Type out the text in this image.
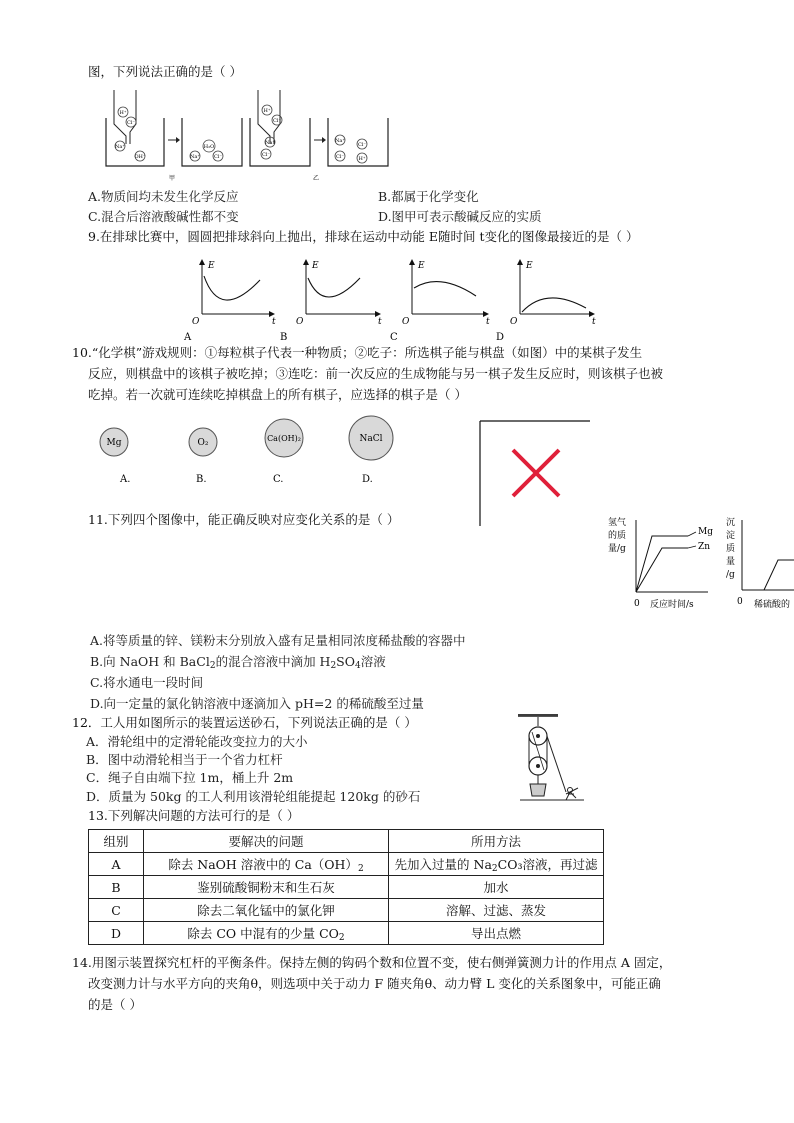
图，下列说法正确的是（ ）
H⁺
Cl⁻
Na⁺
OH⁻
H₂O
Na⁺	Cl⁻
甲
H⁺
Cl⁻
Na⁺
Cl⁻
Na⁺
Cl⁻
Cl⁻	H⁺
乙
A.物质间均未发生化学反应	B.都属于化学变化
C.混合后溶液酸碱性都不变	D.图甲可表示酸碱反应的实质
9.在排球比赛中，圆圆把排球斜向上抛出，排球在运动中动能 E随时间 t变化的图像最接近的是（ ）
E	E	E	E
O	O	O	O
t	t	t	t
A	B	C	D
10.“化学棋”游戏规则：①每粒棋子代表一种物质；②吃子：所选棋子能与棋盘（如图）中的某棋子发生
反应，则棋盘中的该棋子被吃掉；③连吃：前一次反应的生成物能与另一棋子发生反应时，则该棋子也被
吃掉。若一次就可连续吃掉棋盘上的所有棋子，应选择的棋子是（ ）
Mg	O₂	Ca(OH)₂	NaCl
A.	B.	C.	D.
11.下列四个图像中，能正确反映对应变化关系的是（ ）	氢气
的质
量/g
Mg
Zn
0 反应时间/s
沉
淀
质
量
/g
0 稀硫酸的
A.将等质量的锌、镁粉末分别放入盛有足量相同浓度稀盐酸的容器中
B.向 NaOH 和 BaCl$_2$的混合溶液中滴加 $H_2SO_4$溶液
C.将水通电一段时间
D.向一定量的氯化钠溶液中逐滴加入 pH=2 的稀硫酸至过量
12．工人用如图所示的装置运送砂石，下列说法正确的是（ ）
A．滑轮组中的定滑轮能改变拉力的大小
B．图中动滑轮相当于一个省力杠杆
C．绳子自由端下拉 1m，桶上升 2m
D．质量为 50kg 的工人利用该滑轮组能提起 120kg 的砂石
13.下列解决问题的方法可行的是（ ）
组别	要解决的问题	所用方法
A	除去 NaOH 溶液中的 $Ca(OH)_2$	先加入过量的 $Na_2CO_3$溶液，再过滤
B	鉴别硫酸铜粉末和生石灰	加水
C	除去二氧化锰中的氯化钾	溶解、过滤、蒸发
D	除去 CO 中混有的少量 $CO_2$	导出点燃
14.用图示装置探究杠杆的平衡条件。保持左侧的钩码个数和位置不变，使右侧弹簧测力计的作用点 A 固定，
改变测力计与水平方向的夹角θ，则选项中关于动力 F 随夹角θ、动力臂 L 变化的关系图象中，可能正确
的是（ ）
